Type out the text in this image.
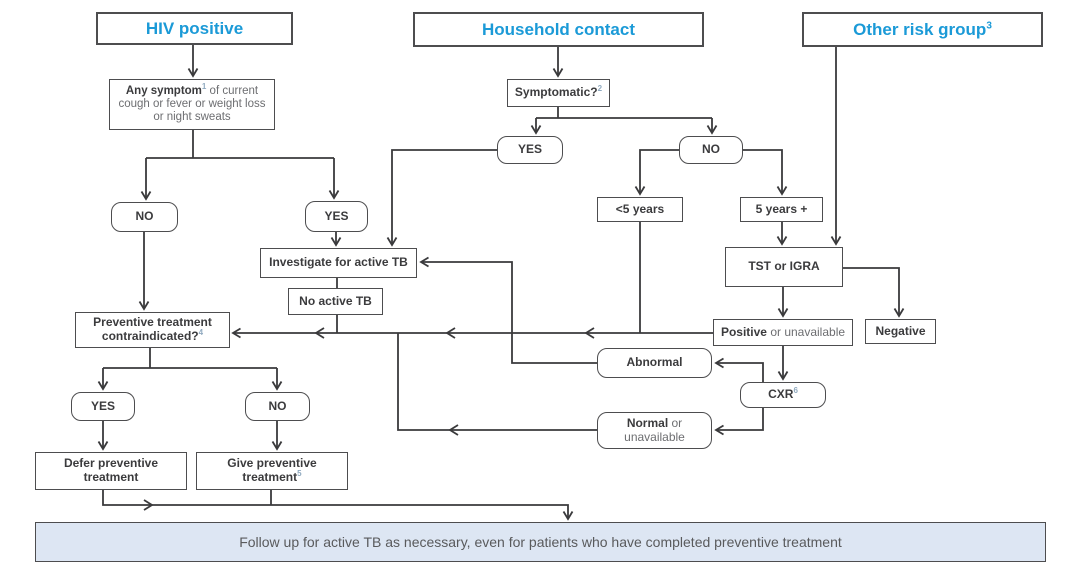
HIV positive	Household contact	Other risk group$^3$
Any symptom$^1$ of current cough or fever or weight loss or night sweats
NO	YES
Symptomatic?$^2$
YES	NO
<5 years	5 years +
Investigate for active TB
No active TB
TST or IGRA
Preventive treatment
contraindicated?$^4$	Positive or unavailable	Negative
Abnormal
CXR$^6$
Normal or unavailable
YES	NO
Defer preventive treatment
Give preventive treatment$^5$
Follow up for active TB as necessary, even for patients who have completed preventive treatment
